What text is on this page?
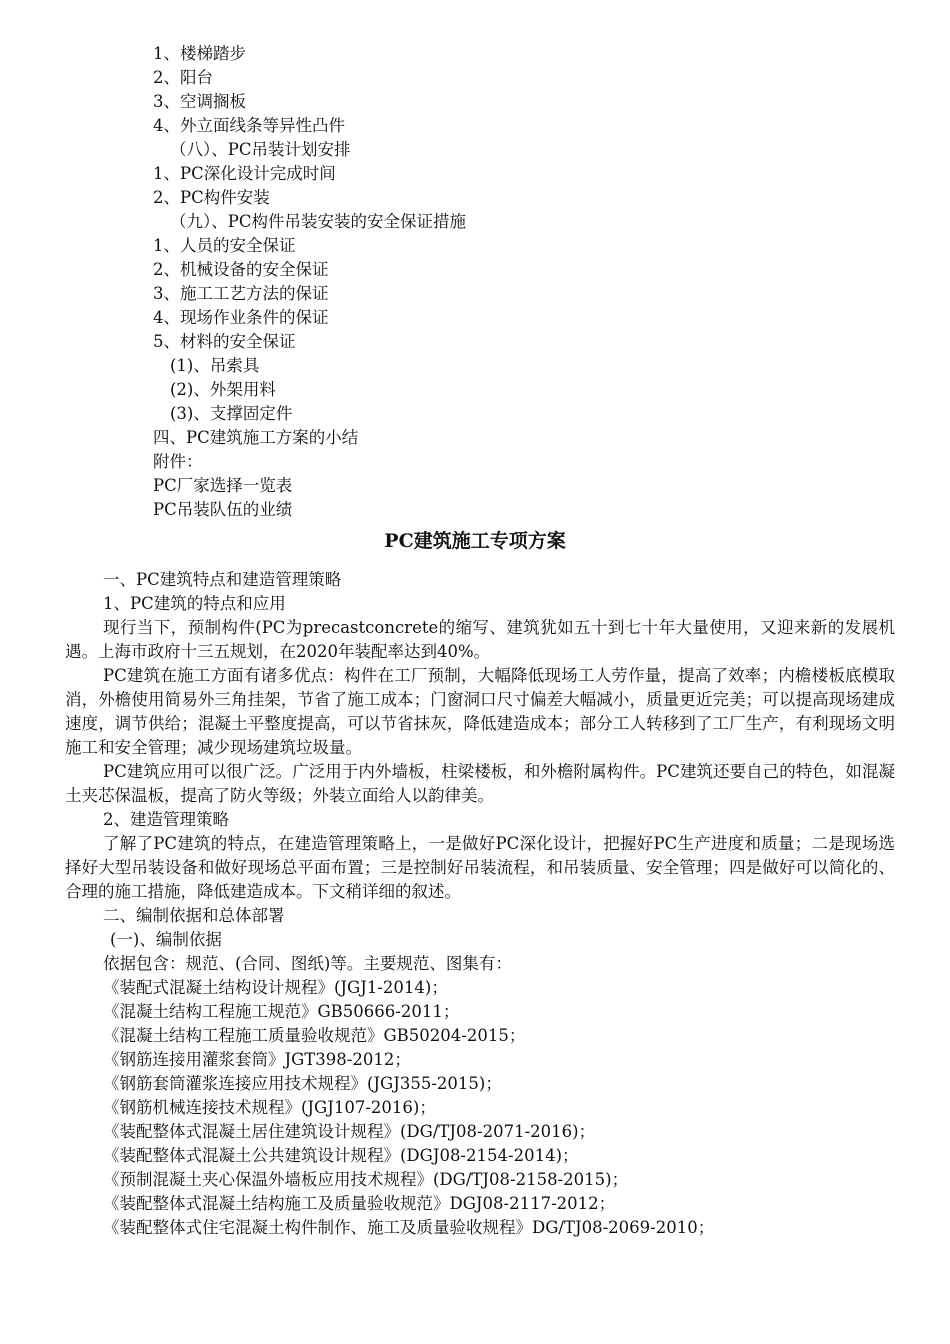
1、楼梯踏步

2、阳台

3、空调搁板

4、外立面线条等异性凸件

（八）、PC吊装计划安排

1、PC深化设计完成时间

2、PC构件安装

（九）、PC构件吊装安装的安全保证措施

1、人员的安全保证

2、机械设备的安全保证

3、施工工艺方法的保证

4、现场作业条件的保证

5、材料的安全保证

(1)、吊索具

(2)、外架用料

(3)、支撑固定件

四、PC建筑施工方案的小结

附件：

PC厂家选择一览表

PC吊装队伍的业绩

PC建筑施工专项方案

一、PC建筑特点和建造管理策略

1、PC建筑的特点和应用

现行当下，预制构件(PC为precastconcrete的缩写、建筑犹如五十到七十年大量使用，又迎来新的发展机遇。上海市政府十三五规划，在2020年装配率达到40%。

PC建筑在施工方面有诸多优点：构件在工厂预制，大幅降低现场工人劳作量，提高了效率；内檐楼板底模取消，外檐使用简易外三角挂架，节省了施工成本；门窗洞口尺寸偏差大幅减小，质量更近完美；可以提高现场建成速度，调节供给；混凝土平整度提高，可以节省抹灰，降低建造成本；部分工人转移到了工厂生产，有利现场文明施工和安全管理；减少现场建筑垃圾量。

PC建筑应用可以很广泛。广泛用于内外墙板，柱梁楼板，和外檐附属构件。PC建筑还要自己的特色，如混凝土夹芯保温板，提高了防火等级；外装立面给人以韵律美。

2、建造管理策略

了解了PC建筑的特点，在建造管理策略上，一是做好PC深化设计，把握好PC生产进度和质量；二是现场选择好大型吊装设备和做好现场总平面布置；三是控制好吊装流程，和吊装质量、安全管理；四是做好可以简化的、合理的施工措施，降低建造成本。下文稍详细的叙述。

二、编制依据和总体部署

(一)、编制依据

依据包含：规范、(合同、图纸)等。主要规范、图集有：

《装配式混凝土结构设计规程》(JGJ1-2014)；

《混凝土结构工程施工规范》GB50666-2011；

《混凝土结构工程施工质量验收规范》GB50204-2015；

《钢筋连接用灌浆套筒》JGT398-2012；

《钢筋套筒灌浆连接应用技术规程》(JGJ355-2015)；

《钢筋机械连接技术规程》(JGJ107-2016)；

《装配整体式混凝土居住建筑设计规程》(DG/TJ08-2071-2016)；

《装配整体式混凝土公共建筑设计规程》(DGJ08-2154-2014)；

《预制混凝土夹心保温外墙板应用技术规程》(DG/TJ08-2158-2015)；

《装配整体式混凝土结构施工及质量验收规范》DGJ08-2117-2012；

《装配整体式住宅混凝土构件制作、施工及质量验收规程》DG/TJ08-2069-2010；
